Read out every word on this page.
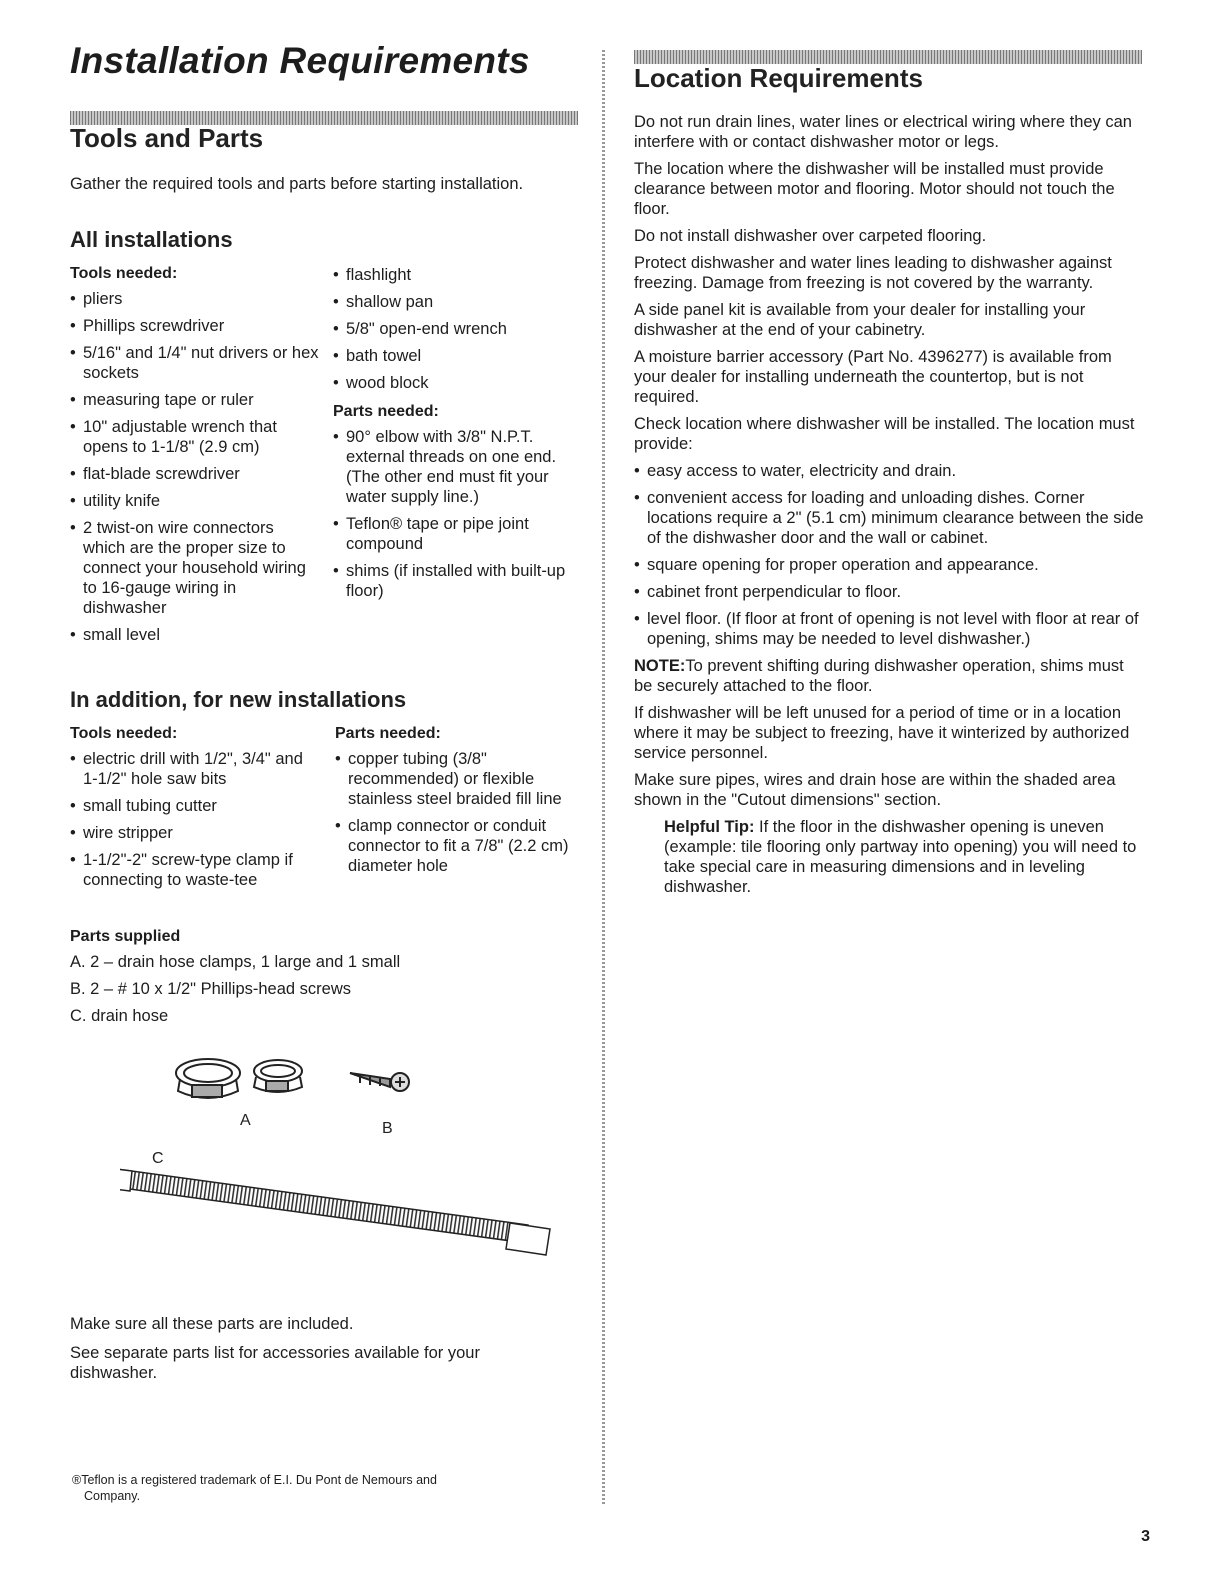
Installation Requirements
Tools and Parts

Gather the required tools and parts before starting installation.

All installations
Tools needed:
• pliers
• Phillips screwdriver
• 5/16" and 1/4" nut drivers or hex sockets
• measuring tape or ruler
• 10" adjustable wrench that opens to 1-1/8" (2.9 cm)
• flat-blade screwdriver
• utility knife
• 2 twist-on wire connectors which are the proper size to connect your household wiring to 16-gauge wiring in dishwasher
• small level
• flashlight
• shallow pan
• 5/8" open-end wrench
• bath towel
• wood block
Parts needed:
• 90° elbow with 3/8" N.P.T. external threads on one end. (The other end must fit your water supply line.)
• Teflon® tape or pipe joint compound
• shims (if installed with built-up floor)
In addition, for new installations
Tools needed:
• electric drill with 1/2", 3/4" and 1-1/2" hole saw bits
• small tubing cutter
• wire stripper
• 1-1/2"-2" screw-type clamp if connecting to waste-tee
Parts needed:
• copper tubing (3/8" recommended) or flexible stainless steel braided fill line
• clamp connector or conduit connector to fit a 7/8" (2.2 cm) diameter hole
Parts supplied

A. 2 – drain hose clamps, 1 large and 1 small

B. 2 – # 10 x 1/2" Phillips-head screws

C. drain hose

A	B
C

Make sure all these parts are included.

See separate parts list for accessories available for your dishwasher.

®Teflon is a registered trademark of E.I. Du Pont de Nemours and
Company.
Location Requirements

Do not run drain lines, water lines or electrical wiring where they can interfere with or contact dishwasher motor or legs.

The location where the dishwasher will be installed must provide clearance between motor and flooring. Motor should not touch the floor.

Do not install dishwasher over carpeted flooring.

Protect dishwasher and water lines leading to dishwasher against freezing. Damage from freezing is not covered by the warranty.

A side panel kit is available from your dealer for installing your dishwasher at the end of your cabinetry.

A moisture barrier accessory (Part No. 4396277) is available from your dealer for installing underneath the countertop, but is not required.

Check location where dishwasher will be installed. The location must provide:

• easy access to water, electricity and drain.
• convenient access for loading and unloading dishes. Corner locations require a 2" (5.1 cm) minimum clearance between the side of the dishwasher door and the wall or cabinet.
• square opening for proper operation and appearance.
• cabinet front perpendicular to floor.
• level floor. (If floor at front of opening is not level with floor at rear of opening, shims may be needed to level dishwasher.)

NOTE:To prevent shifting during dishwasher operation, shims must be securely attached to the floor.

If dishwasher will be left unused for a period of time or in a location where it may be subject to freezing, have it winterized by authorized service personnel.

Make sure pipes, wires and drain hose are within the shaded area shown in the "Cutout dimensions" section.

Helpful Tip: If the floor in the dishwasher opening is uneven (example: tile flooring only partway into opening) you will need to take special care in measuring dimensions and in leveling dishwasher.

3
